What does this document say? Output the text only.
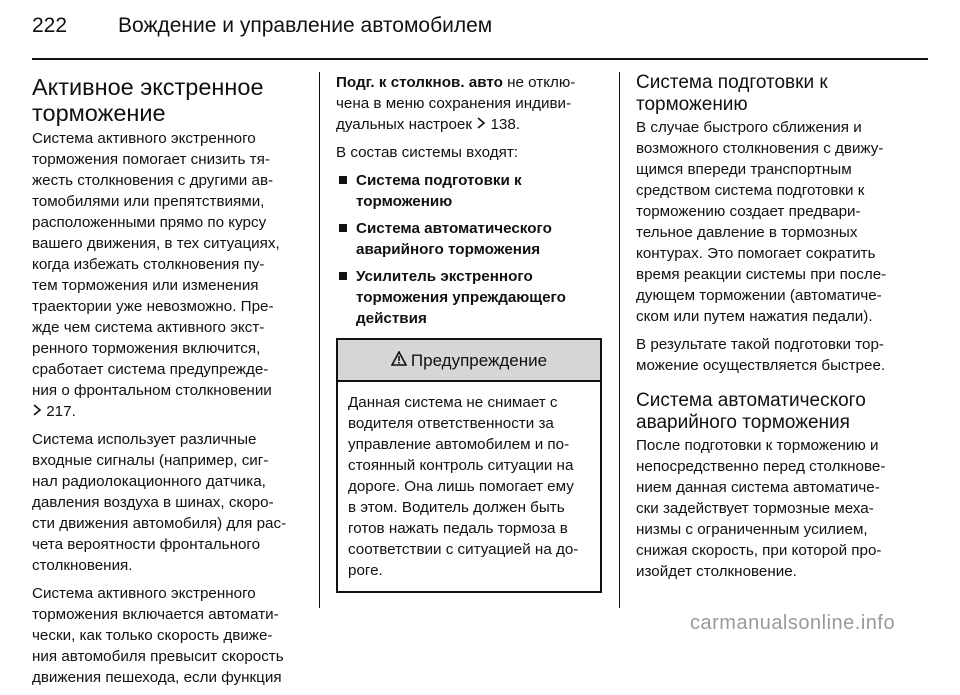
222 Вождение и управление автомобилем
Активное экстренное
торможение

Система активного экстренного
торможения помогает снизить тя-
жесть столкновения с другими ав-
томобилями или препятствиями,
расположенными прямо по курсу
вашего движения, в тех ситуациях,
когда избежать столкновения пу-
тем торможения или изменения
траектории уже невозможно. Пре-
жде чем система активного экст-
ренного торможения включится,
сработает система предупрежде-
ния о фронтальном столкновении
217.

Система использует различные
входные сигналы (например, сиг-
нал радиолокационного датчика,
давления воздуха в шинах, скоро-
сти движения автомобиля) для рас-
чета вероятности фронтального
столкновения.

Система активного экстренного
торможения включается автомати-
чески, как только скорость движе-
ния автомобиля превысит скорость
движения пешехода, если функция

Подг. к столкнов. авто не отклю-
чена в меню сохранения индиви-
дуальных настроек 138.

В состав системы входят:

Система подготовки к
торможению
Система автоматического
аварийного торможения
Усилитель экстренного
торможения упреждающего
действия
Предупреждение
Данная система не снимает с
водителя ответственности за
управление автомобилем и по-
стоянный контроль ситуации на
дороге. Она лишь помогает ему
в этом. Водитель должен быть
готов нажать педаль тормоза в
соответствии с ситуацией на до-
роге.
Система подготовки к
торможению

В случае быстрого сближения и
возможного столкновения с движу-
щимся впереди транспортным
средством система подготовки к
торможению создает предвари-
тельное давление в тормозных
контурах. Это помогает сократить
время реакции системы при после-
дующем торможении (автоматиче-
ском или путем нажатия педали).

В результате такой подготовки тор-
можение осуществляется быстрее.

Система автоматического
аварийного торможения

После подготовки к торможению и
непосредственно перед столкнове-
нием данная система автоматиче-
ски задействует тормозные меха-
низмы с ограниченным усилием,
снижая скорость, при которой про-
изойдет столкновение.

carmanualsonline.info
